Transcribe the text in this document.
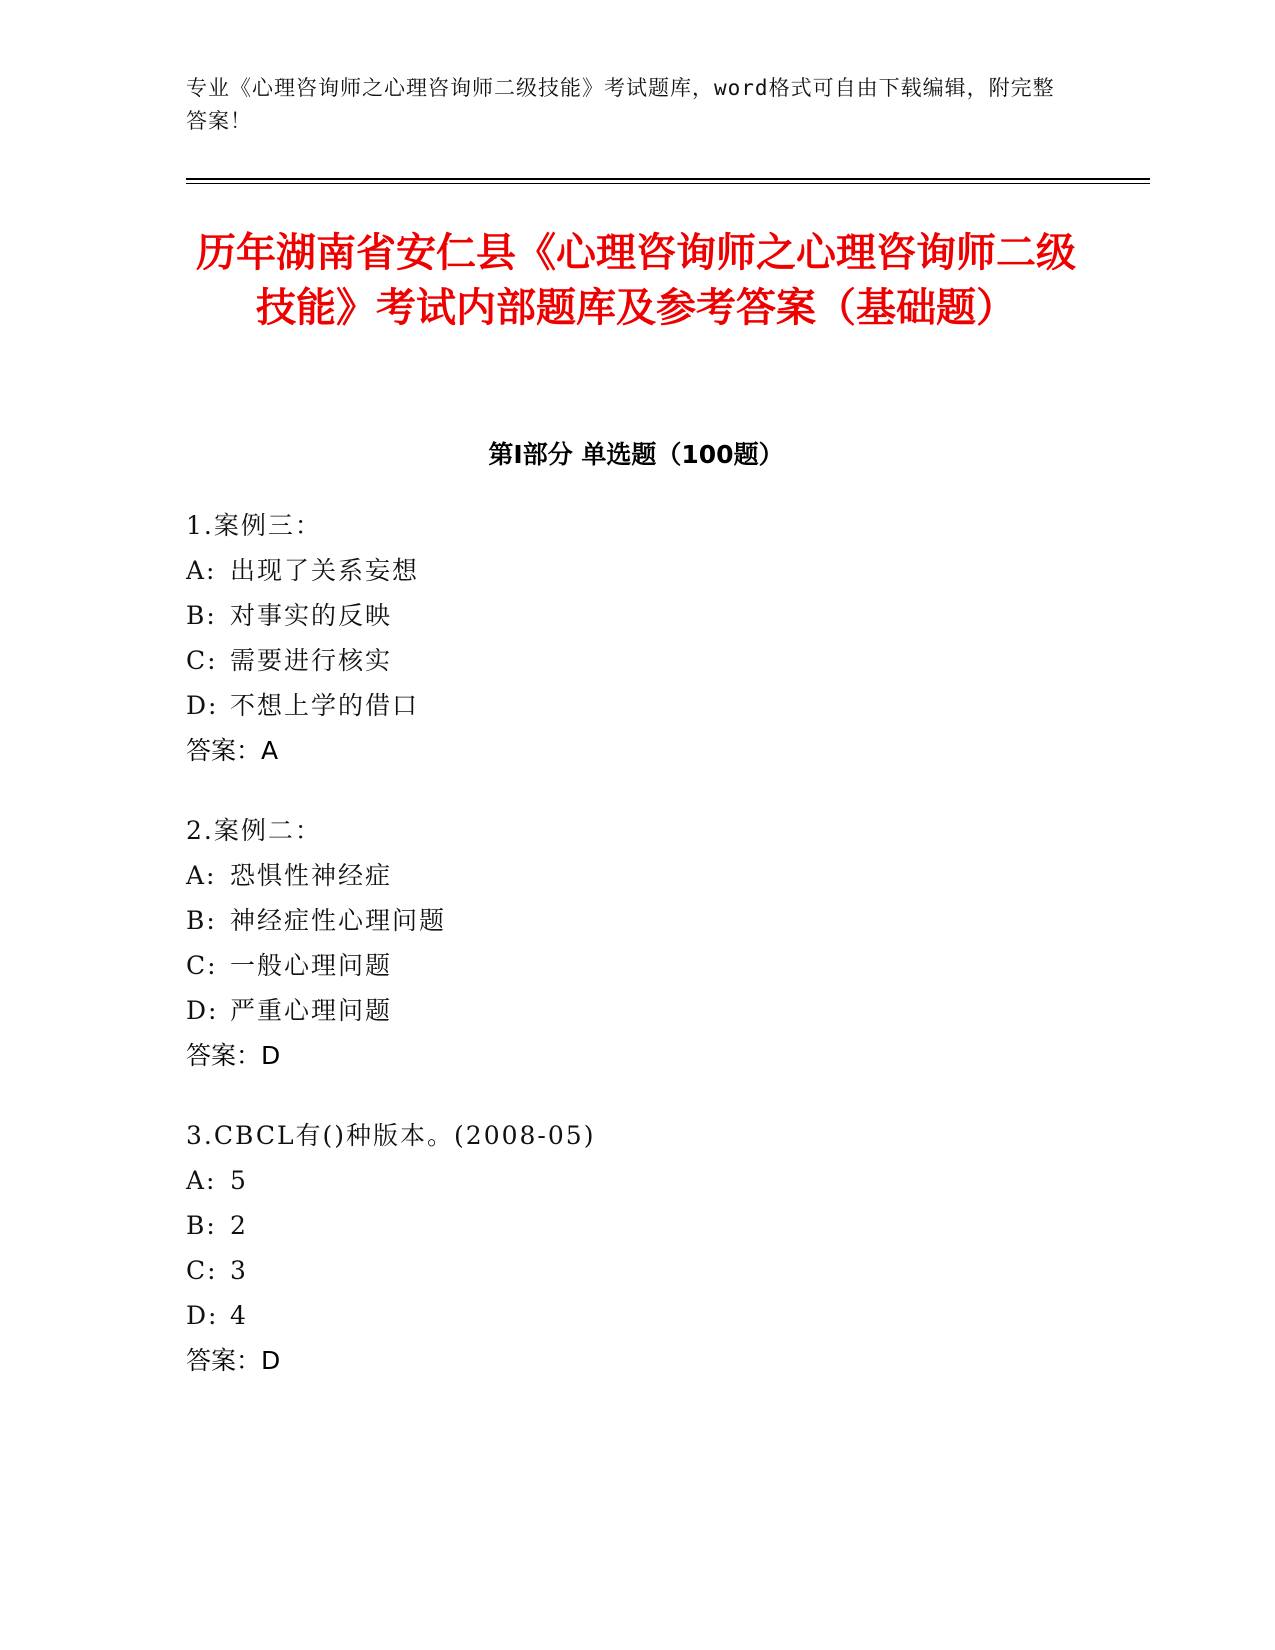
专业《心理咨询师之心理咨询师二级技能》考试题库，word格式可自由下载编辑，附完整答案！

历年湖南省安仁县《心理咨询师之心理咨询师二级技能》考试内部题库及参考答案（基础题）
第Ⅰ部分 单选题（100题）
1.案例三：
A: 出现了关系妄想
B: 对事实的反映
C: 需要进行核实
D: 不想上学的借口
答案：A
2.案例二：
A: 恐惧性神经症
B: 神经症性心理问题
C: 一般心理问题
D: 严重心理问题
答案：D
3.CBCL有()种版本。(2008-05)
A: 5
B: 2
C: 3
D: 4
答案：D
